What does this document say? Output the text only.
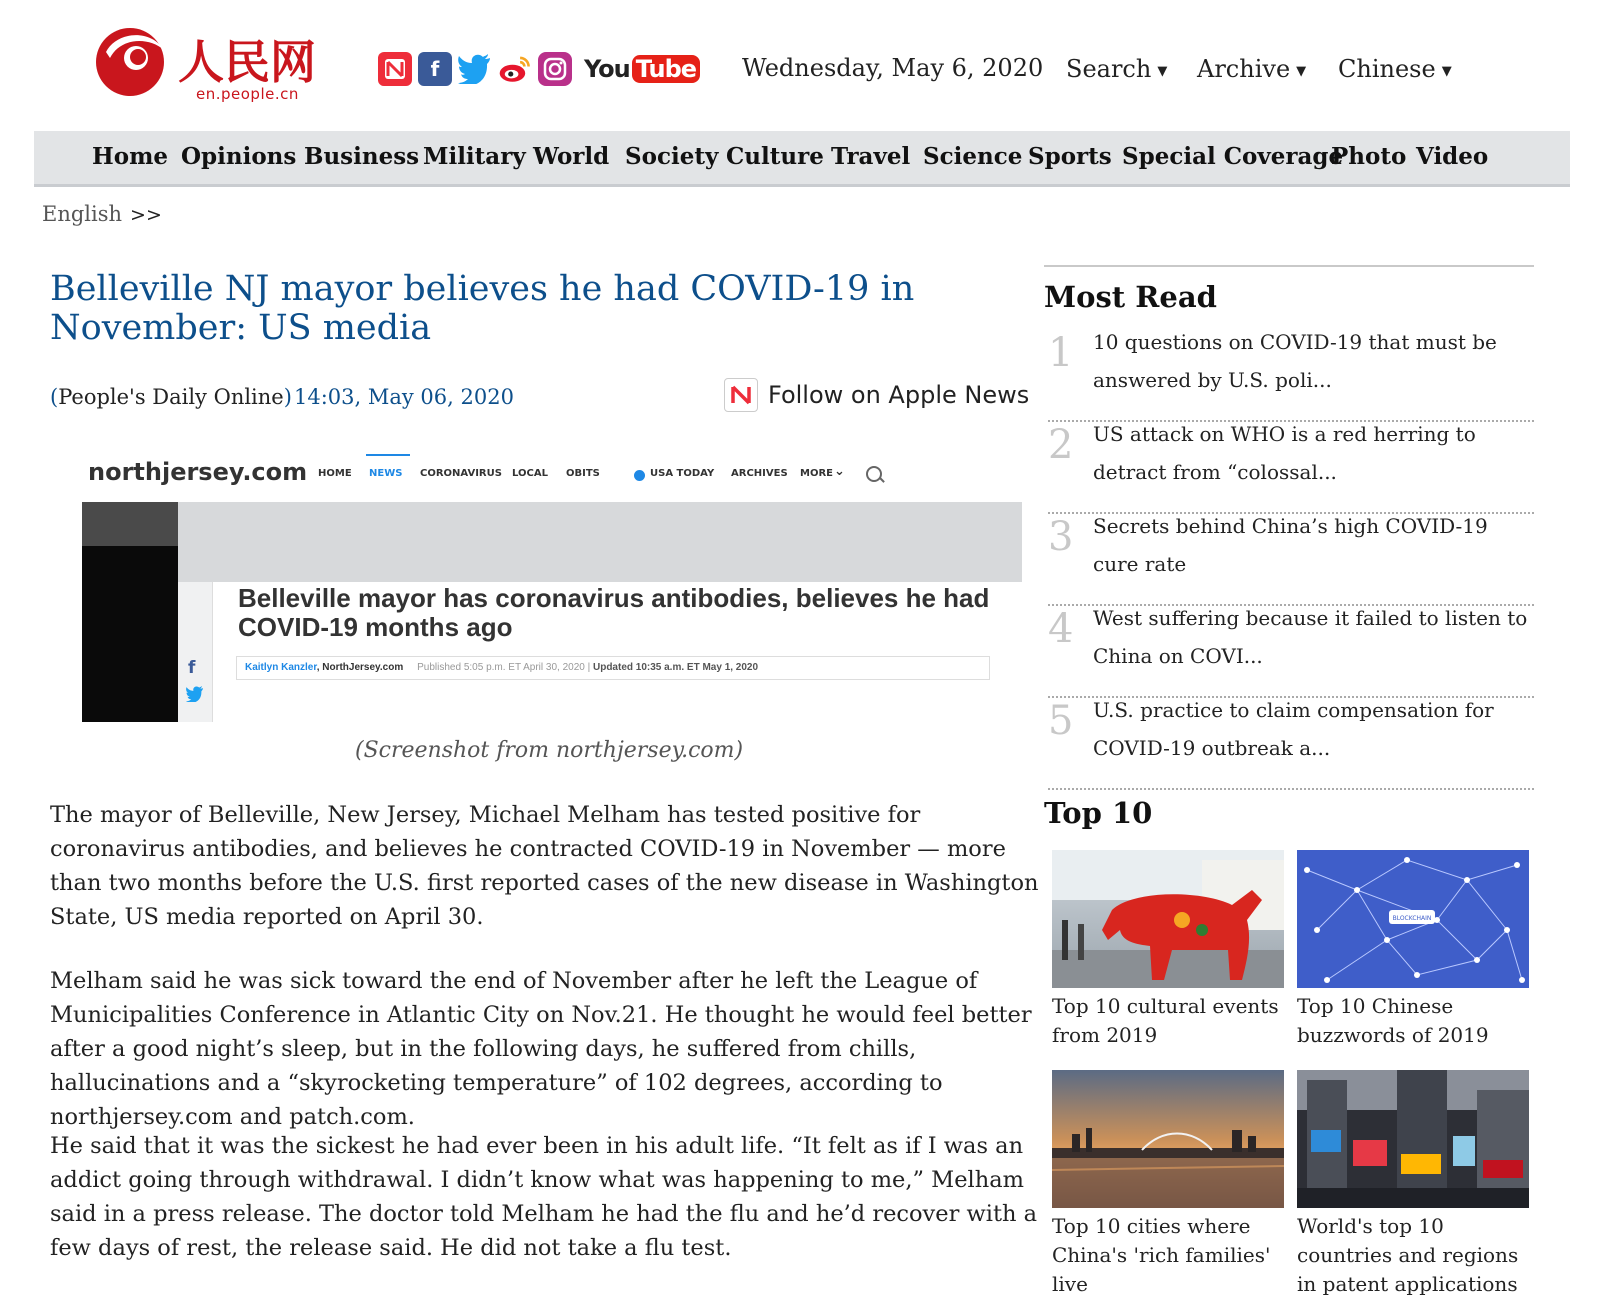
人民网
en.people.cn
f	You Tube Wednesday, May 6, 2020 Search ▼ Archive ▼ Chinese ▼
Home Opinions Business Military World Society Culture Travel Science Sports Special Coverage
Photo Video
English >>
Belleville NJ mayor believes he had COVID-19 in November: US media
(People's Daily Online) 14:03, May 06, 2020	Follow on Apple News
northjersey.com HOME NEWS CORONAVIRUS LOCAL OBITS	USA TODAY ARCHIVES MORE ⌄
f
Belleville mayor has coronavirus antibodies, believes he had COVID-19 months ago
Kaitlyn Kanzler, NorthJersey.com Published 5:05 p.m. ET April 30, 2020 | Updated 10:35 a.m. ET May 1, 2020
(Screenshot from northjersey.com)

The mayor of Belleville, New Jersey, Michael Melham has tested positive for coronavirus antibodies, and believes he contracted COVID-19 in November — more than two months before the U.S. first reported cases of the new disease in Washington State, US media reported on April 30.

Melham said he was sick toward the end of November after he left the League of Municipalities Conference in Atlantic City on Nov.21. He thought he would feel better after a good night’s sleep, but in the following days, he suffered from chills, hallucinations and a “skyrocketing temperature” of 102 degrees, according to northjersey.com and patch.com.

He said that it was the sickest he had ever been in his adult life. “It felt as if I was an addict going through withdrawal. I didn’t know what was happening to me,” Melham said in a press release. The doctor told Melham he had the flu and he’d recover with a few days of rest, the release said. He did not take a flu test.

Most Read
1 10 questions on COVID-19 that must be answered by U.S. poli...
2 US attack on WHO is a red herring to detract from “colossal...
3 Secrets behind China’s high COVID-19 cure rate
4 West suffering because it failed to listen to China on COVI...
5 U.S. practice to claim compensation for COVID-19 outbreak a...
Top 10
Top 10 cultural events from 2019
BLOCKCHAIN
Top 10 Chinese buzzwords of 2019
Top 10 cities where China's 'rich families' live
World's top 10 countries and regions in patent applications
